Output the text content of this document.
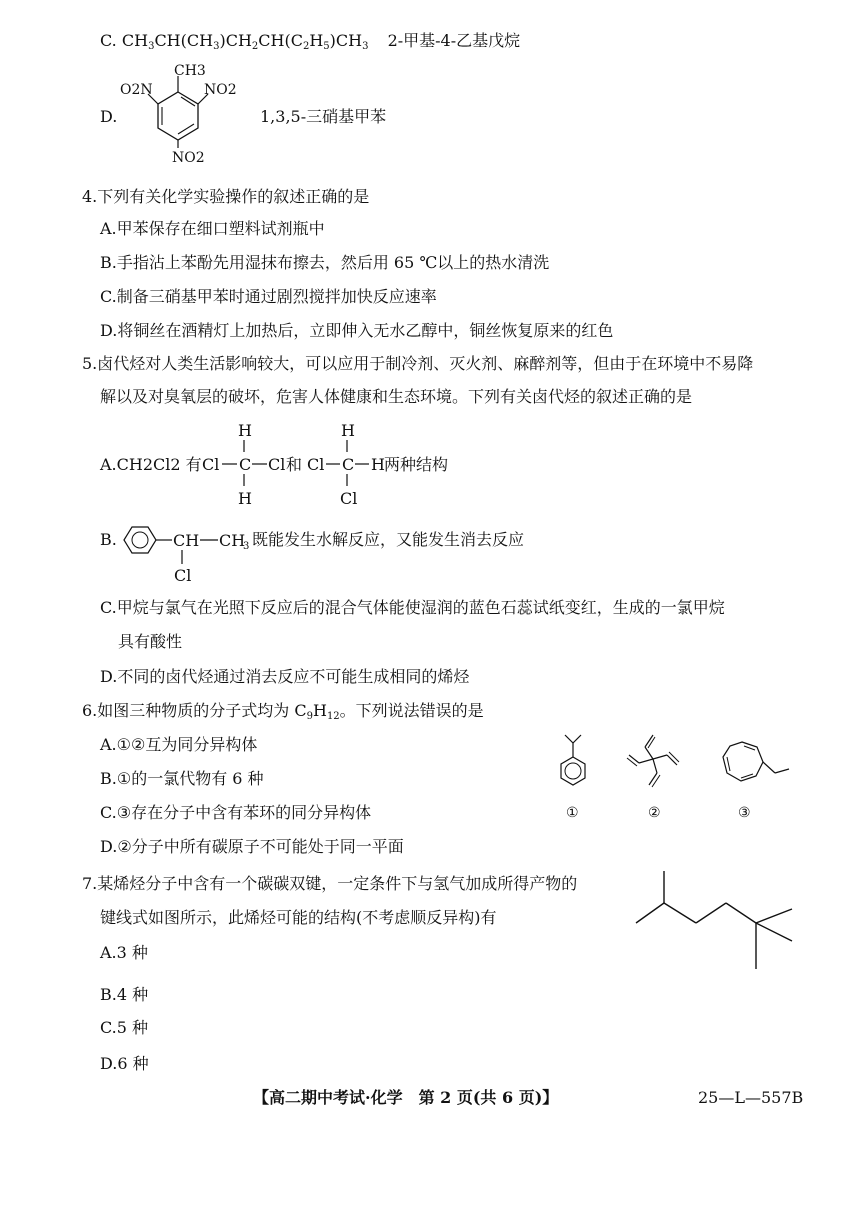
C. $CH_3CH(CH_3)CH_2CH(C_2H_5)CH_3$ 2-甲基-4-乙基戊烷
D.
CH3
NO2
O2N
NO2
1,3,5-三硝基甲苯
4.下列有关化学实验操作的叙述正确的是
A.甲苯保存在细口塑料试剂瓶中
B.手指沾上苯酚先用湿抹布擦去，然后用 65 ℃以上的热水清洗
C.制备三硝基甲苯时通过剧烈搅拌加快反应速率
D.将铜丝在酒精灯上加热后，立即伸入无水乙醇中，铜丝恢复原来的红色
5.卤代烃对人类生活影响较大，可以应用于制冷剂、灭火剂、麻醉剂等，但由于在环境中不易降
解以及对臭氧层的破坏，危害人体健康和生态环境。下列有关卤代烃的叙述正确的是
A.CH2Cl2 有
H
Cl C Cl
H
和
H
Cl C H
Cl
两种结构
B.	CH CH
3
Cl
既能发生水解反应，又能发生消去反应
C.甲烷与氯气在光照下反应后的混合气体能使湿润的蓝色石蕊试纸变红，生成的一氯甲烷
具有酸性
D.不同的卤代烃通过消去反应不可能生成相同的烯烃
6.如图三种物质的分子式均为 $C_9H_{12}$。下列说法错误的是
A.①②互为同分异构体
B.①的一氯代物有 6 种
C.③存在分子中含有苯环的同分异构体
D.②分子中所有碳原子不可能处于同一平面
①	②	③
7.某烯烃分子中含有一个碳碳双键，一定条件下与氢气加成所得产物的
键线式如图所示，此烯烃可能的结构(不考虑顺反异构)有
A.3 种
B.4 种
C.5 种
D.6 种
【高二期中考试·化学　第 2 页(共 6 页)】	25—L—557B
